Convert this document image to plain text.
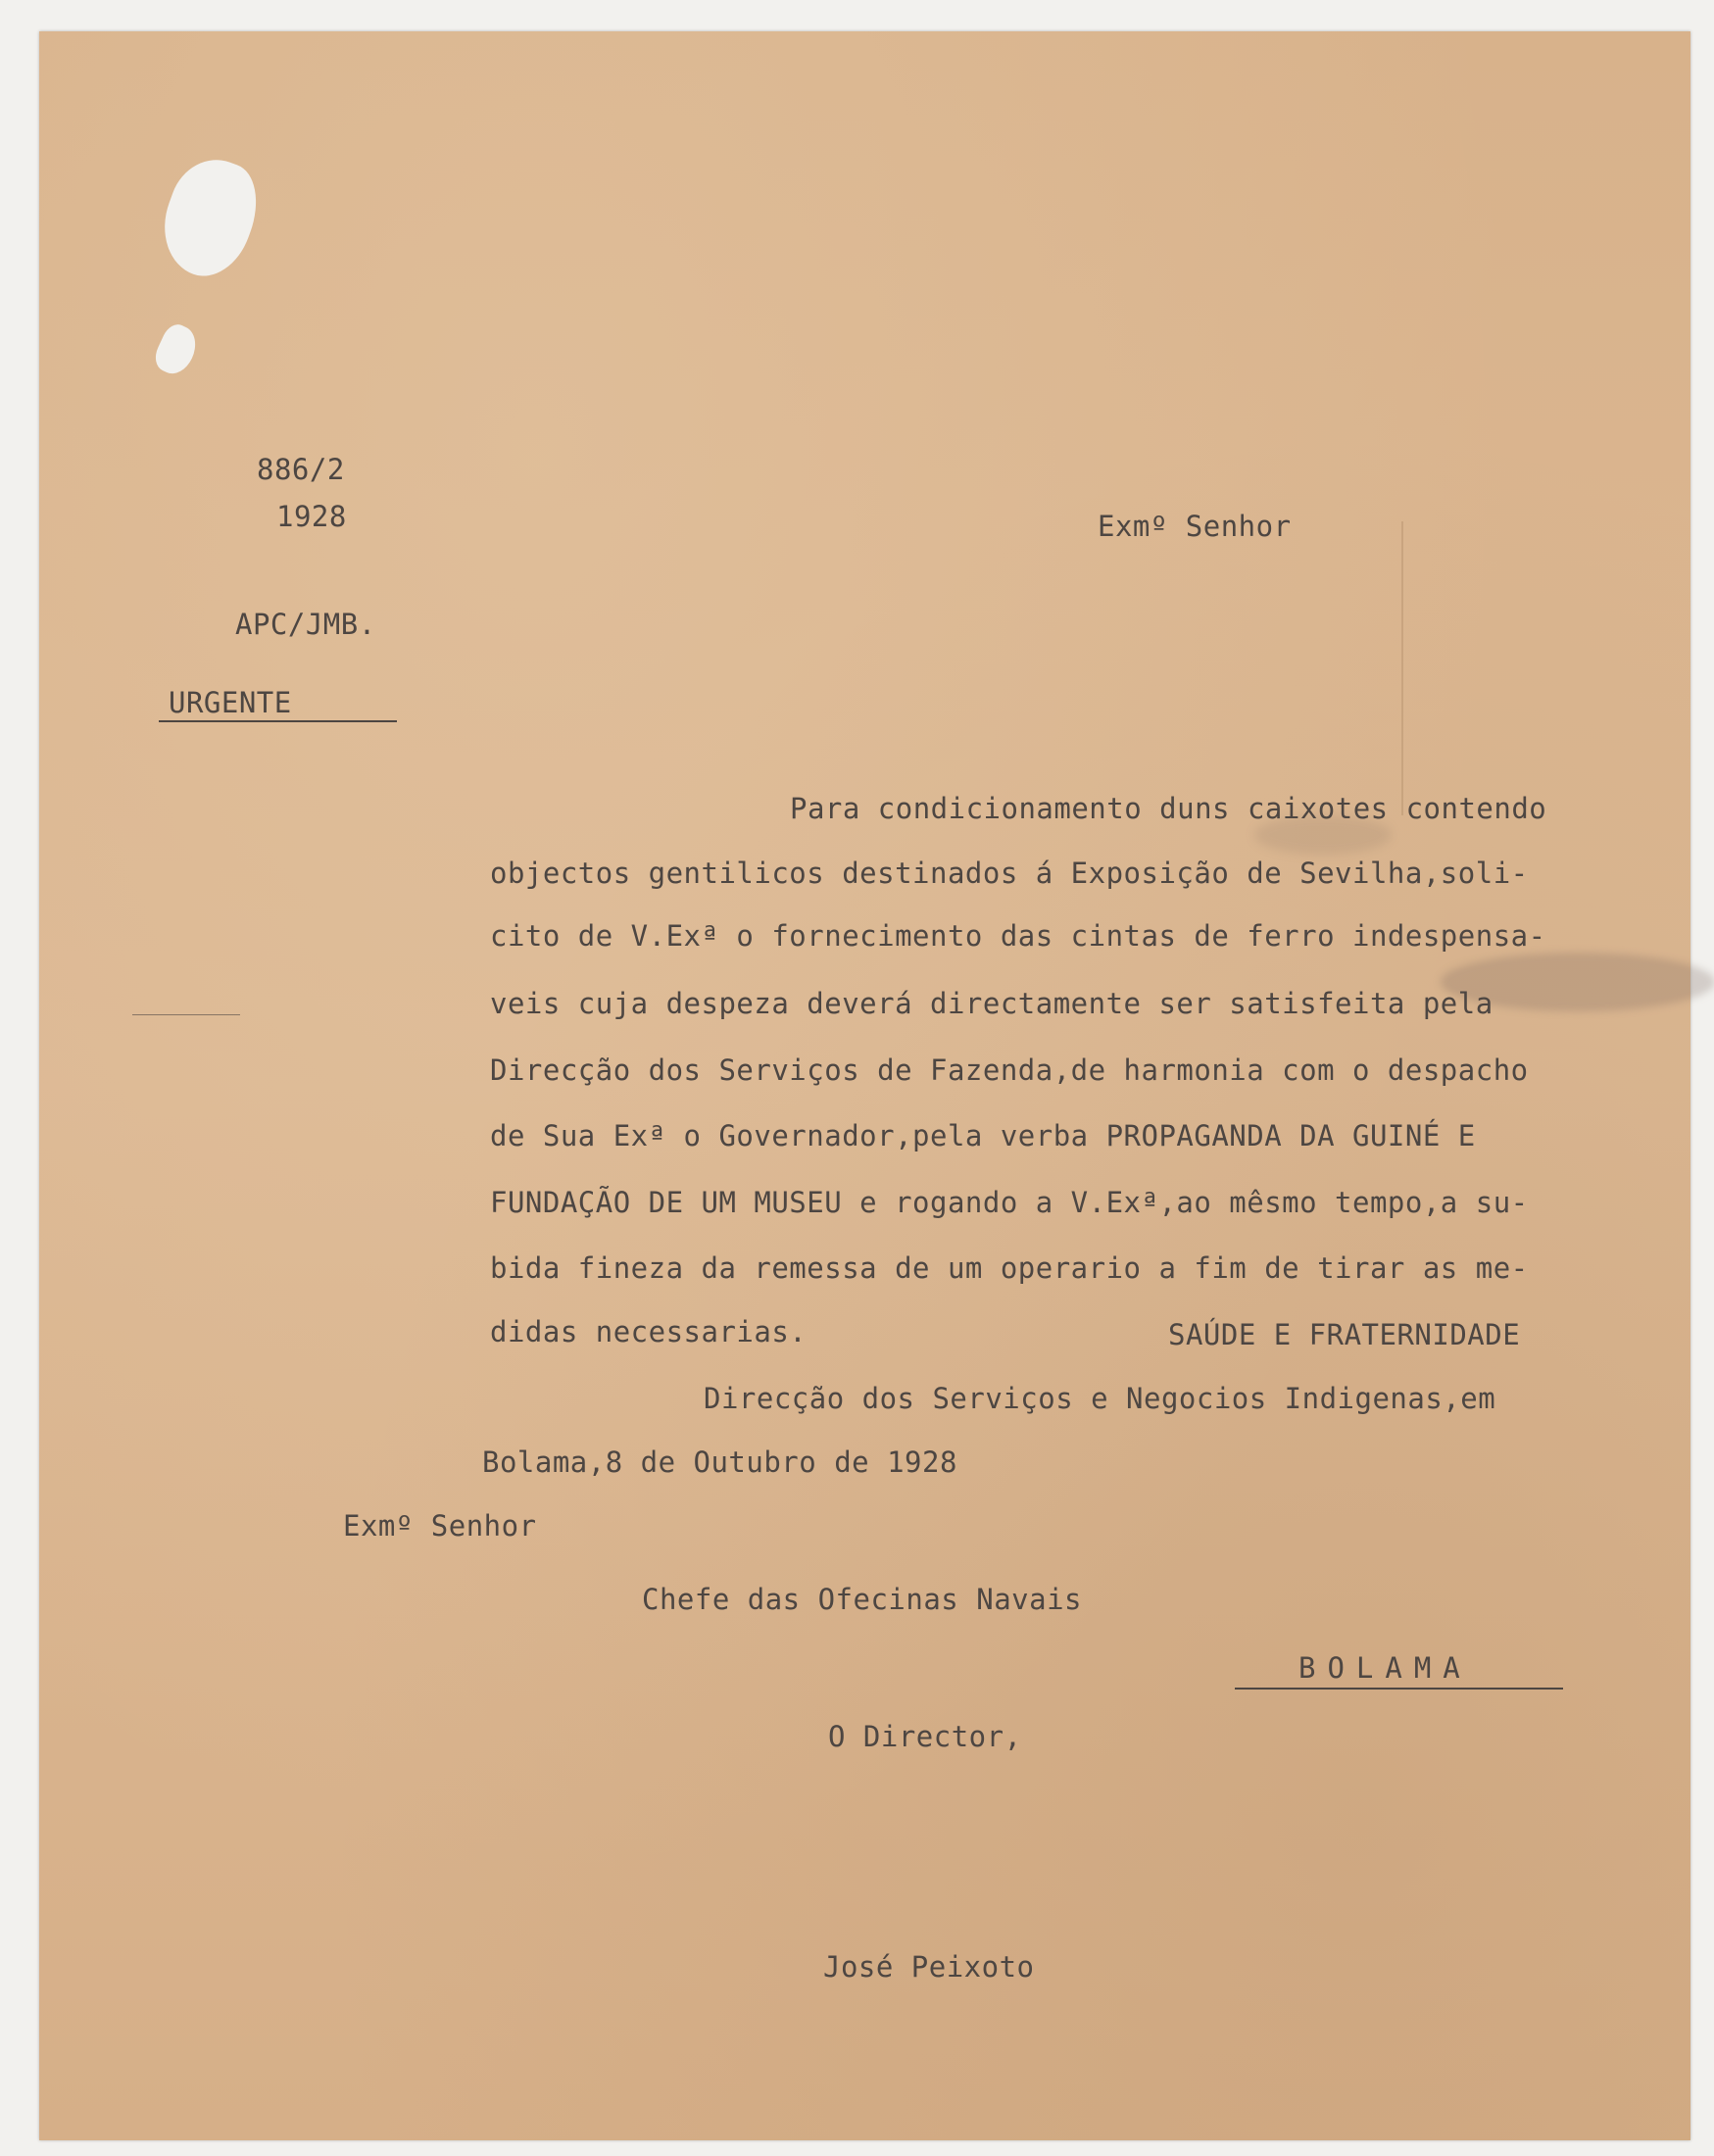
886/2
1928
APC/JMB.
URGENTE
Exmº Senhor
Para condicionamento duns caixotes contendo
objectos gentilicos destinados á Exposição de Sevilha,soli-
cito de V.Exª o fornecimento das cintas de ferro indespensa-
veis cuja despeza deverá directamente ser satisfeita pela
Direcção dos Serviços de Fazenda,de harmonia com o despacho
de Sua Exª o Governador,pela verba PROPAGANDA DA GUINÉ E
FUNDAÇÃO DE UM MUSEU e rogando a V.Exª,ao mêsmo tempo,a su-
bida fineza da remessa de um operario a fim de tirar as me-
didas necessarias.	SAÚDE E FRATERNIDADE
Direcção dos Serviços e Negocios Indigenas,em
Bolama,8 de Outubro de 1928
Exmº Senhor
Chefe das Ofecinas Navais
BOLAMA
O Director,
José Peixoto
